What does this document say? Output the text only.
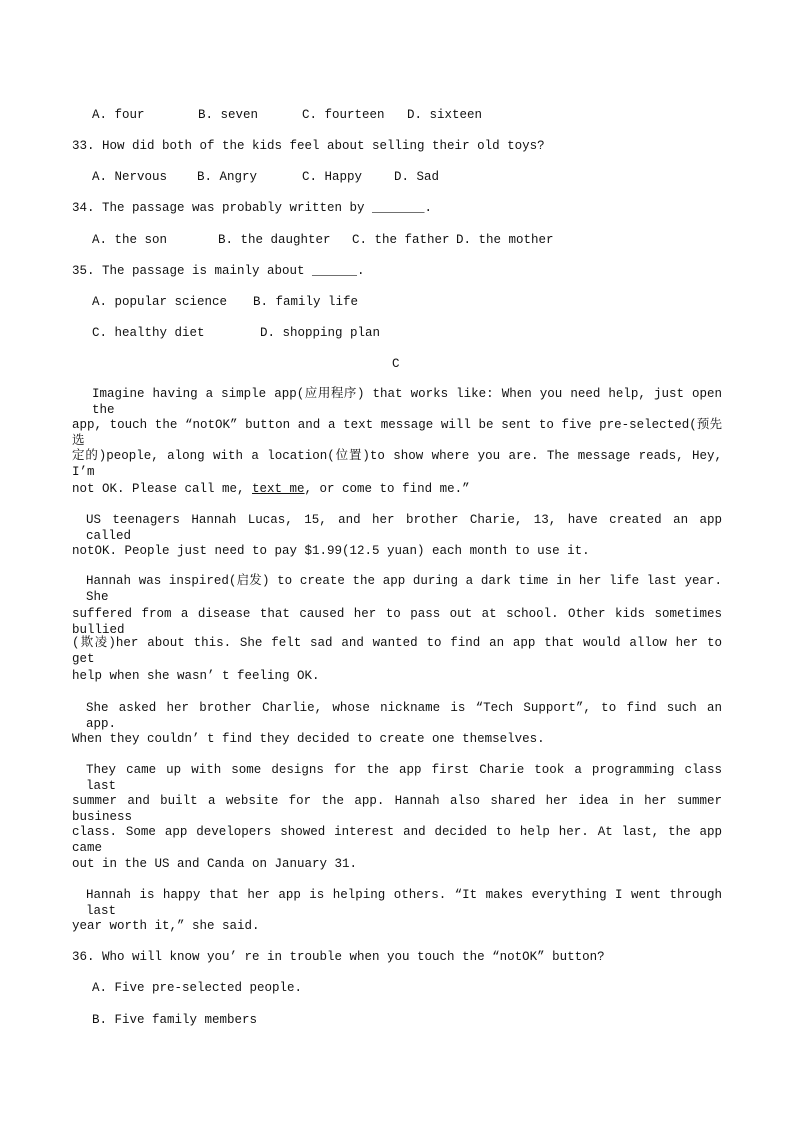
A. four	B. seven	C. fourteen D. sixteen
33. How did both of the kids feel about selling their old toys?
A. Nervous B. Angry	C. Happy	D. Sad
34. The passage was probably written by _______.
A. the son	B. the daughter C. the father D. the mother
35. The passage is mainly about ______.
A. popular science B. family life
C. healthy diet	D. shopping plan
C
Imagine having a simple app(应用程序) that works like: When you need help, just open the
app, touch the “notOK” button and a text message will be sent to five pre-selected(预先选
定的)people, along with a location(位置)to show where you are. The message reads, Hey, I’m
not OK. Please call me, text me, or come to find me.”
US teenagers Hannah Lucas, 15, and her brother Charie, 13, have created an app called
notOK. People just need to pay $1.99(12.5 yuan) each month to use it.
Hannah was inspired(启发) to create the app during a dark time in her life last year. She
suffered from a disease that caused her to pass out at school. Other kids sometimes bullied
(欺凌)her about this. She felt sad and wanted to find an app that would allow her to get
help when she wasn’ t feeling OK.
She asked her brother Charlie, whose nickname is “Tech Support”, to find such an app.
When they couldn’ t find they decided to create one themselves.
They came up with some designs for the app first Charie took a programming class last
summer and built a website for the app. Hannah also shared her idea in her summer business
class. Some app developers showed interest and decided to help her. At last, the app came
out in the US and Canda on January 31.
Hannah is happy that her app is helping others. “It makes everything I went through last
year worth it,” she said.
36. Who will know you’ re in trouble when you touch the “notOK” button?
A. Five pre-selected people.
B. Five family members
